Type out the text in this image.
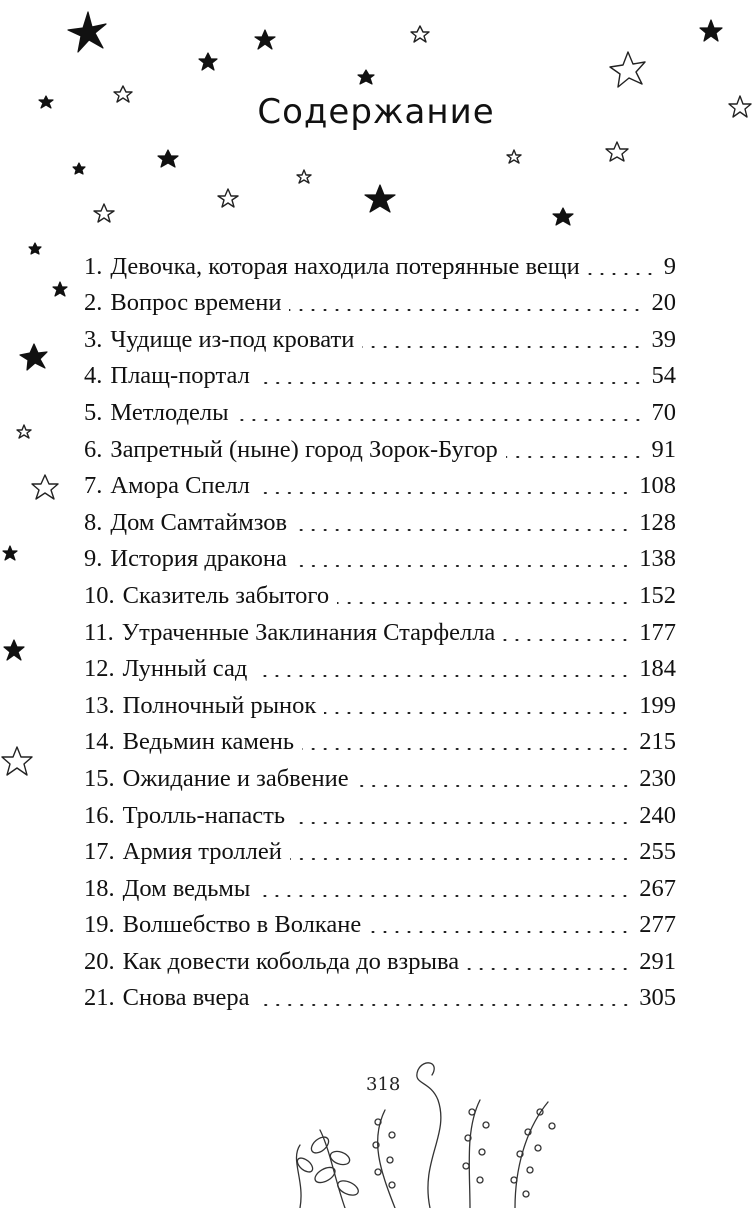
Содержание
1. Девочка, которая находила потерянные вещи	9
2. Вопрос времени	20
3. Чудище из-под кровати	39
4. Плащ-портал	54
5. Метлоделы	70
6. Запретный (ныне) город Зорок-Бугор	91
7. Амора Спелл	108
8. Дом Самтаймзов	128
9. История дракона	138
10. Сказитель забытого	152
11. Утраченные Заклинания Старфелла	177
12. Лунный сад	184
13. Полночный рынок	199
14. Ведьмин камень	215
15. Ожидание и забвение	230
16. Тролль-напасть	240
17. Армия троллей	255
18. Дом ведьмы	267
19. Волшебство в Волкане	277
20. Как довести кобольда до взрыва	291
21. Снова вчера	305
318
